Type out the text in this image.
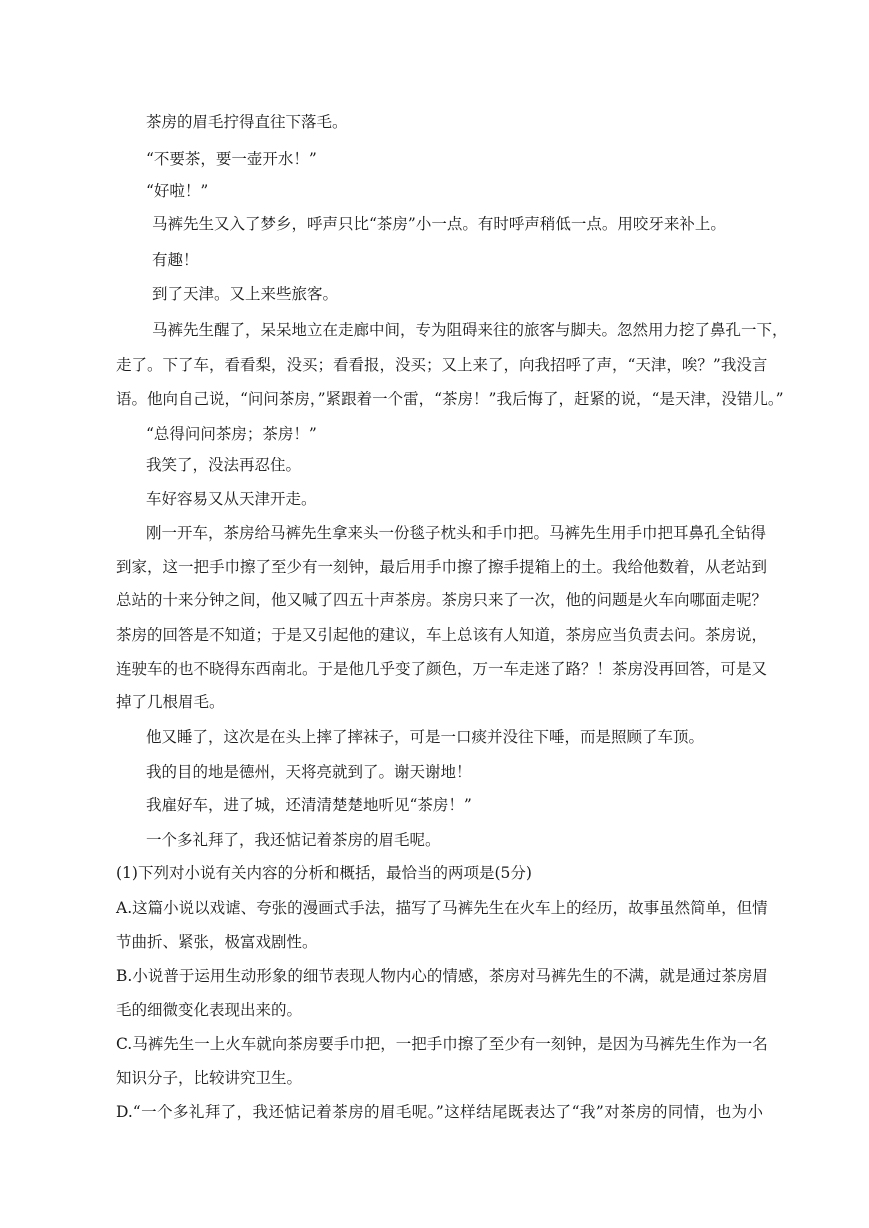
茶房的眉毛拧得直往下落毛。

“不要茶，要一壶开水！”

“好啦！”

马裤先生又入了梦乡，呼声只比“茶房”小一点。有时呼声稍低一点。用咬牙来补上。

有趣！

到了天津。又上来些旅客。

马裤先生醒了，呆呆地立在走廊中间，专为阻碍来往的旅客与脚夫。忽然用力挖了鼻孔一下，

走了。下了车，看看梨，没买；看看报，没买；又上来了，向我招呼了声，“天津，唉？”我没言

语。他向自己说，“问问茶房，”紧跟着一个雷，“茶房！”我后悔了，赶紧的说，“是天津，没错儿。”

“总得问问茶房；茶房！”

我笑了，没法再忍住。

车好容易又从天津开走。

刚一开车，茶房给马裤先生拿来头一份毯子枕头和手巾把。马裤先生用手巾把耳鼻孔全钻得

到家，这一把手巾擦了至少有一刻钟，最后用手巾擦了擦手提箱上的土。我给他数着，从老站到

总站的十来分钟之间，他又喊了四五十声茶房。茶房只来了一次，他的问题是火车向哪面走呢？

茶房的回答是不知道；于是又引起他的建议，车上总该有人知道，茶房应当负责去问。茶房说，

连驶车的也不晓得东西南北。于是他几乎变了颜色，万一车走迷了路？！茶房没再回答，可是又

掉了几根眉毛。

他又睡了，这次是在头上摔了摔袜子，可是一口痰并没往下唾，而是照顾了车顶。

我的目的地是德州，天将亮就到了。谢天谢地！

我雇好车，进了城，还清清楚楚地听见“茶房！”

一个多礼拜了，我还惦记着茶房的眉毛呢。

(1)下列对小说有关内容的分析和概括，最恰当的两项是(5分)

A.这篇小说以戏谑、夸张的漫画式手法，描写了马裤先生在火车上的经历，故事虽然简单，但情

节曲折、紧张，极富戏剧性。

B.小说普于运用生动形象的细节表现人物内心的情感，茶房对马裤先生的不满，就是通过茶房眉

毛的细微变化表现出来的。

C.马裤先生一上火车就向茶房要手巾把，一把手巾擦了至少有一刻钟，是因为马裤先生作为一名

知识分子，比较讲究卫生。

D.“一个多礼拜了，我还惦记着茶房的眉毛呢。”这样结尾既表达了“我”对茶房的同情，也为小
